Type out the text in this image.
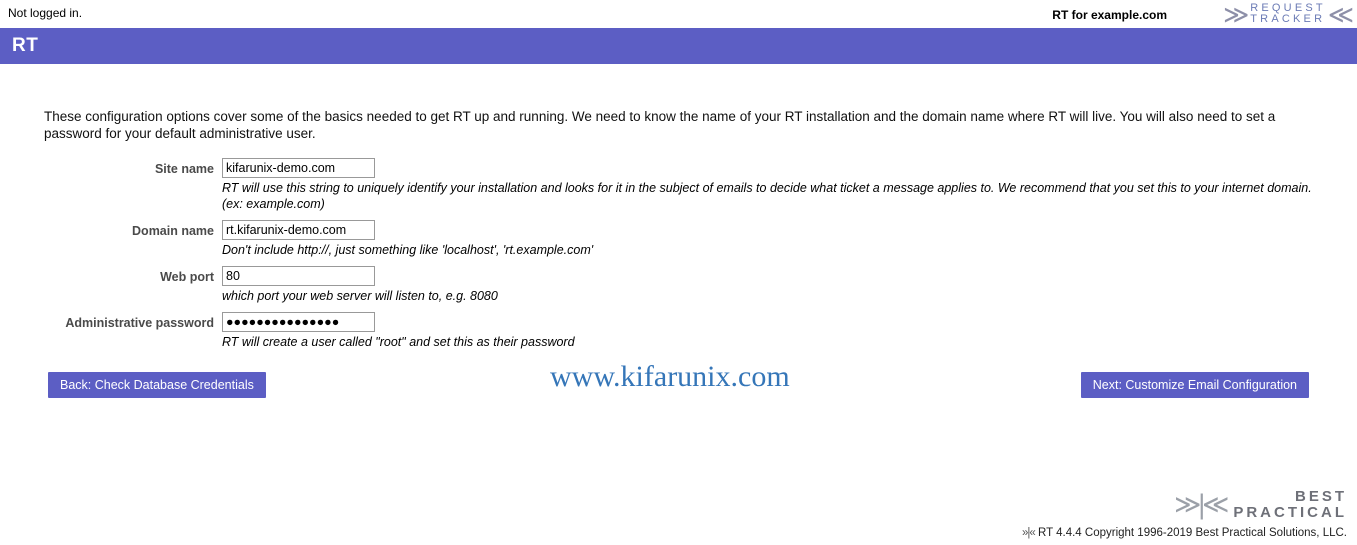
Not logged in.	RT for example.com ≫ REQUEST
TRACKER ≪
RT

These configuration options cover some of the basics needed to get RT up and running. We need to know the name of your RT installation and the domain name where RT will live. You will also need to set a password for your default administrative user.

Site name
kifarunix-demo.com
RT will use this string to uniquely identify your installation and looks for it in the subject of emails to decide what ticket a message applies to. We recommend that you set this to your internet domain. (ex: example.com)
Domain name
rt.kifarunix-demo.com
Don't include http://, just something like 'localhost', 'rt.example.com'
Web port
80
which port your web server will listen to, e.g. 8080
Administrative password
●●●●●●●●●●●●●●●
RT will create a user called "root" and set this as their password
Back: Check Database Credentials	Next: Customize Email Configuration
www.kifarunix.com
≫|≪	BEST
PRACTICAL
»|« RT 4.4.4 Copyright 1996-2019 Best Practical Solutions, LLC.
